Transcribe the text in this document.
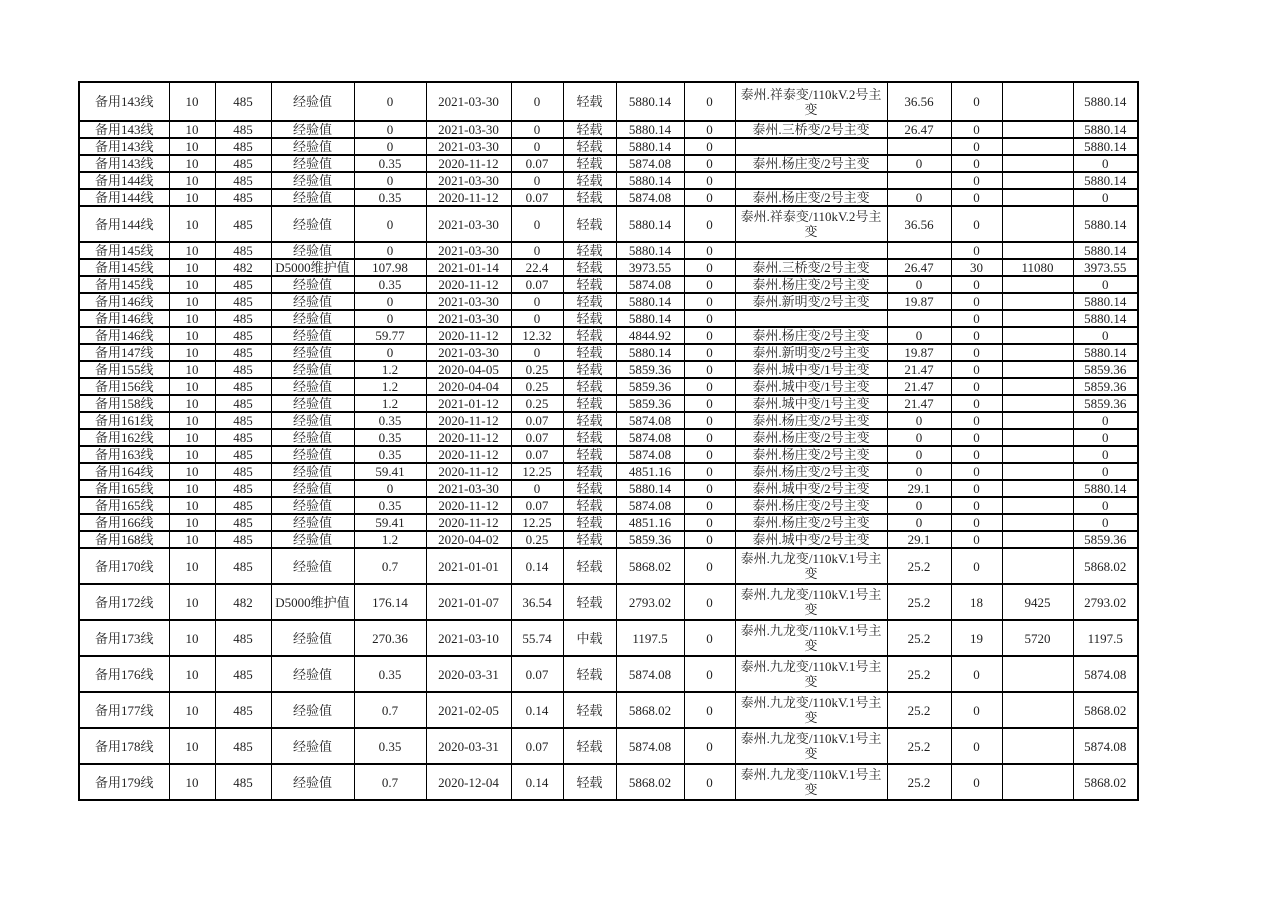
备用143线	10	485	经验值	0	2021-03-30	0	轻载	5880.14	0	泰州.祥泰变/110kV.2号主变	36.56	0		5880.14
备用143线	10	485	经验值	0	2021-03-30	0	轻载	5880.14	0	泰州.三桥变/2号主变	26.47	0		5880.14
备用143线	10	485	经验值	0	2021-03-30	0	轻载	5880.14	0			0		5880.14
备用143线	10	485	经验值	0.35	2020-11-12	0.07	轻载	5874.08	0	泰州.杨庄变/2号主变	0	0		0
备用144线	10	485	经验值	0	2021-03-30	0	轻载	5880.14	0			0		5880.14
备用144线	10	485	经验值	0.35	2020-11-12	0.07	轻载	5874.08	0	泰州.杨庄变/2号主变	0	0		0
备用144线	10	485	经验值	0	2021-03-30	0	轻载	5880.14	0	泰州.祥泰变/110kV.2号主变	36.56	0		5880.14
备用145线	10	485	经验值	0	2021-03-30	0	轻载	5880.14	0			0		5880.14
备用145线	10	482	D5000维护值	107.98	2021-01-14	22.4	轻载	3973.55	0	泰州.三桥变/2号主变	26.47	30	11080	3973.55
备用145线	10	485	经验值	0.35	2020-11-12	0.07	轻载	5874.08	0	泰州.杨庄变/2号主变	0	0		0
备用146线	10	485	经验值	0	2021-03-30	0	轻载	5880.14	0	泰州.新明变/2号主变	19.87	0		5880.14
备用146线	10	485	经验值	0	2021-03-30	0	轻载	5880.14	0			0		5880.14
备用146线	10	485	经验值	59.77	2020-11-12	12.32	轻载	4844.92	0	泰州.杨庄变/2号主变	0	0		0
备用147线	10	485	经验值	0	2021-03-30	0	轻载	5880.14	0	泰州.新明变/2号主变	19.87	0		5880.14
备用155线	10	485	经验值	1.2	2020-04-05	0.25	轻载	5859.36	0	泰州.城中变/1号主变	21.47	0		5859.36
备用156线	10	485	经验值	1.2	2020-04-04	0.25	轻载	5859.36	0	泰州.城中变/1号主变	21.47	0		5859.36
备用158线	10	485	经验值	1.2	2021-01-12	0.25	轻载	5859.36	0	泰州.城中变/1号主变	21.47	0		5859.36
备用161线	10	485	经验值	0.35	2020-11-12	0.07	轻载	5874.08	0	泰州.杨庄变/2号主变	0	0		0
备用162线	10	485	经验值	0.35	2020-11-12	0.07	轻载	5874.08	0	泰州.杨庄变/2号主变	0	0		0
备用163线	10	485	经验值	0.35	2020-11-12	0.07	轻载	5874.08	0	泰州.杨庄变/2号主变	0	0		0
备用164线	10	485	经验值	59.41	2020-11-12	12.25	轻载	4851.16	0	泰州.杨庄变/2号主变	0	0		0
备用165线	10	485	经验值	0	2021-03-30	0	轻载	5880.14	0	泰州.城中变/2号主变	29.1	0		5880.14
备用165线	10	485	经验值	0.35	2020-11-12	0.07	轻载	5874.08	0	泰州.杨庄变/2号主变	0	0		0
备用166线	10	485	经验值	59.41	2020-11-12	12.25	轻载	4851.16	0	泰州.杨庄变/2号主变	0	0		0
备用168线	10	485	经验值	1.2	2020-04-02	0.25	轻载	5859.36	0	泰州.城中变/2号主变	29.1	0		5859.36
备用170线	10	485	经验值	0.7	2021-01-01	0.14	轻载	5868.02	0	泰州.九龙变/110kV.1号主变	25.2	0		5868.02
备用172线	10	482	D5000维护值	176.14	2021-01-07	36.54	轻载	2793.02	0	泰州.九龙变/110kV.1号主变	25.2	18	9425	2793.02
备用173线	10	485	经验值	270.36	2021-03-10	55.74	中载	1197.5	0	泰州.九龙变/110kV.1号主变	25.2	19	5720	1197.5
备用176线	10	485	经验值	0.35	2020-03-31	0.07	轻载	5874.08	0	泰州.九龙变/110kV.1号主变	25.2	0		5874.08
备用177线	10	485	经验值	0.7	2021-02-05	0.14	轻载	5868.02	0	泰州.九龙变/110kV.1号主变	25.2	0		5868.02
备用178线	10	485	经验值	0.35	2020-03-31	0.07	轻载	5874.08	0	泰州.九龙变/110kV.1号主变	25.2	0		5874.08
备用179线	10	485	经验值	0.7	2020-12-04	0.14	轻载	5868.02	0	泰州.九龙变/110kV.1号主变	25.2	0		5868.02
